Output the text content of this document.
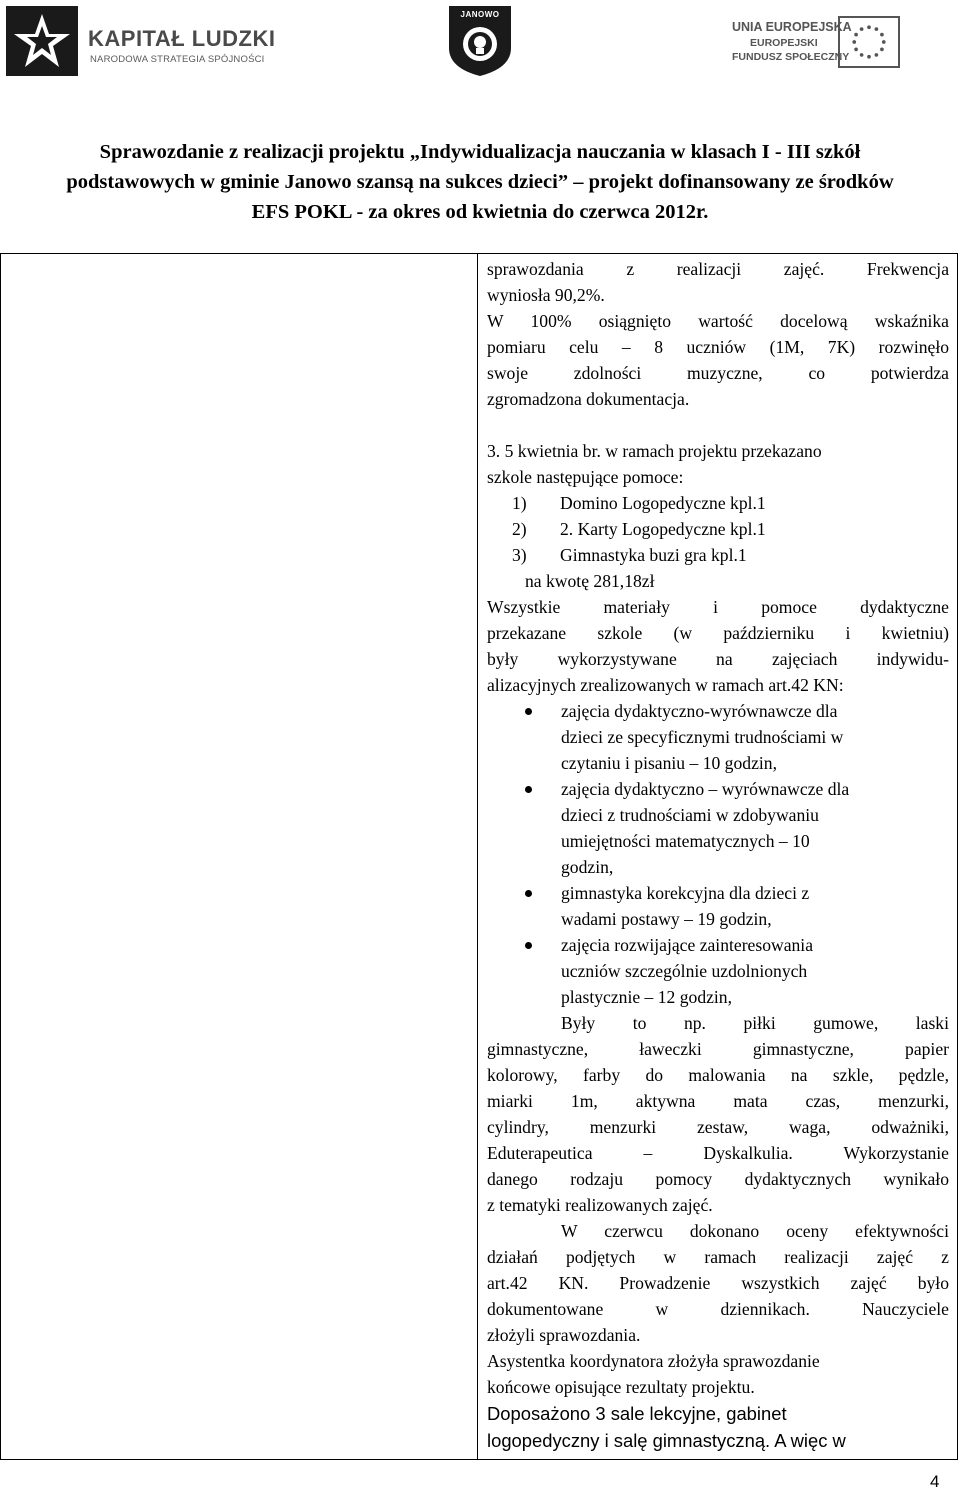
KAPITAŁ LUDZKI
NARODOWA STRATEGIA SPÓJNOŚCI
JANOWO
UNIA EUROPEJSKA
EUROPEJSKI
FUNDUSZ SPOŁECZNY
Sprawozdanie z realizacji projektu „Indywidualizacja nauczania w klasach I - III szkół
podstawowych w gminie Janowo szansą na sukces dzieci” – projekt dofinansowany ze środków
EFS POKL - za okres od kwietnia do czerwca 2012r.

sprawozdania z realizacji zajęć. Frekwencja

wyniosła 90,2%.

W 100% osiągnięto wartość docelową wskaźnika

pomiaru celu – 8 uczniów (1M, 7K) rozwinęło

swoje zdolności muzyczne, co potwierdza

zgromadzona dokumentacja.

3. 5 kwietnia br. w ramach projektu przekazano

szkole następujące pomoce:

1) Domino Logopedyczne kpl.1
2) 2. Karty Logopedyczne kpl.1
3) Gimnastyka buzi gra kpl.1

na kwotę 281,18zł

Wszystkie materiały i pomoce dydaktyczne

przekazane szkole (w październiku i kwietniu)

były wykorzystywane na zajęciach indywidu-

alizacyjnych zrealizowanych w ramach art.42 KN:

zajęcia dydaktyczno-wyrównawcze dla
dzieci ze specyficznymi trudnościami w
czytaniu i pisaniu – 10 godzin,
zajęcia dydaktyczno – wyrównawcze dla
dzieci z trudnościami w zdobywaniu
umiejętności matematycznych – 10
godzin,
gimnastyka korekcyjna dla dzieci z
wadami postawy – 19 godzin,
zajęcia rozwijające zainteresowania
uczniów szczególnie uzdolnionych
plastycznie – 12 godzin,

Były to np. piłki gumowe, laski

gimnastyczne, ławeczki gimnastyczne, papier

kolorowy, farby do malowania na szkle, pędzle,

miarki 1m, aktywna mata czas, menzurki,

cylindry, menzurki zestaw, waga, odważniki,

Eduterapeutica – Dyskalkulia. Wykorzystanie

danego rodzaju pomocy dydaktycznych wynikało

z tematyki realizowanych zajęć.

W czerwcu dokonano oceny efektywności

działań podjętych w ramach realizacji zajęć z

art.42 KN. Prowadzenie wszystkich zajęć było

dokumentowane w dziennikach. Nauczyciele

złożyli sprawozdania.

Asystentka koordynatora złożyła sprawozdanie

końcowe opisujące rezultaty projektu.

Doposażono 3 sale lekcyjne, gabinet

logopedyczny i salę gimnastyczną. A więc w

4
